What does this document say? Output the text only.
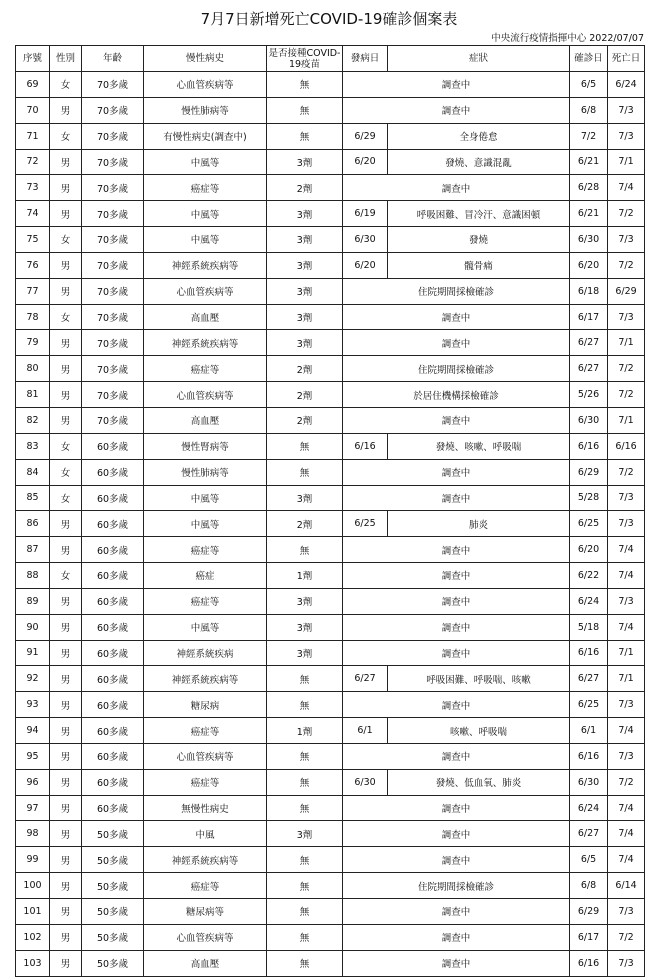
7月7日新增死亡COVID-19確診個案表
中央流行疫情指揮中心 2022/07/07
序號	性別	年齡	慢性病史	是否接種COVID-19疫苗	發病日	症狀	確診日	死亡日
69	女	70多歲	心血管疾病等	無	調查中		6/5	6/24
70	男	70多歲	慢性肺病等	無	調查中		6/8	7/3
71	女	70多歲	有慢性病史(調查中)	無	6/29	全身倦怠	7/2	7/3
72	男	70多歲	中風等	3劑	6/20	發燒、意識混亂	6/21	7/1
73	男	70多歲	癌症等	2劑	調查中		6/28	7/4
74	男	70多歲	中風等	3劑	6/19	呼吸困難、冒冷汗、意識困頓	6/21	7/2
75	女	70多歲	中風等	3劑	6/30	發燒	6/30	7/3
76	男	70多歲	神經系統疾病等	3劑	6/20	髖骨痛	6/20	7/2
77	男	70多歲	心血管疾病等	3劑	住院期間採檢確診		6/18	6/29
78	女	70多歲	高血壓	3劑	調查中		6/17	7/3
79	男	70多歲	神經系統疾病等	3劑	調查中		6/27	7/1
80	男	70多歲	癌症等	2劑	住院期間採檢確診		6/27	7/2
81	男	70多歲	心血管疾病等	2劑	於居住機構採檢確診		5/26	7/2
82	男	70多歲	高血壓	2劑	調查中		6/30	7/1
83	女	60多歲	慢性腎病等	無	6/16	發燒、咳嗽、呼吸喘	6/16	6/16
84	女	60多歲	慢性肺病等	無	調查中		6/29	7/2
85	女	60多歲	中風等	3劑	調查中		5/28	7/3
86	男	60多歲	中風等	2劑	6/25	肺炎	6/25	7/3
87	男	60多歲	癌症等	無	調查中		6/20	7/4
88	女	60多歲	癌症	1劑	調查中		6/22	7/4
89	男	60多歲	癌症等	3劑	調查中		6/24	7/3
90	男	60多歲	中風等	3劑	調查中		5/18	7/4
91	男	60多歲	神經系統疾病	3劑	調查中		6/16	7/1
92	男	60多歲	神經系統疾病等	無	6/27	呼吸困難、呼吸喘、咳嗽	6/27	7/1
93	男	60多歲	糖尿病	無	調查中		6/25	7/3
94	男	60多歲	癌症等	1劑	6/1	咳嗽、呼吸喘	6/1	7/4
95	男	60多歲	心血管疾病等	無	調查中		6/16	7/3
96	男	60多歲	癌症等	無	6/30	發燒、低血氧、肺炎	6/30	7/2
97	男	60多歲	無慢性病史	無	調查中		6/24	7/4
98	男	50多歲	中風	3劑	調查中		6/27	7/4
99	男	50多歲	神經系統疾病等	無	調查中		6/5	7/4
100	男	50多歲	癌症等	無	住院期間採檢確診		6/8	6/14
101	男	50多歲	糖尿病等	無	調查中		6/29	7/3
102	男	50多歲	心血管疾病等	無	調查中		6/17	7/2
103	男	50多歲	高血壓	無	調查中		6/16	7/3
